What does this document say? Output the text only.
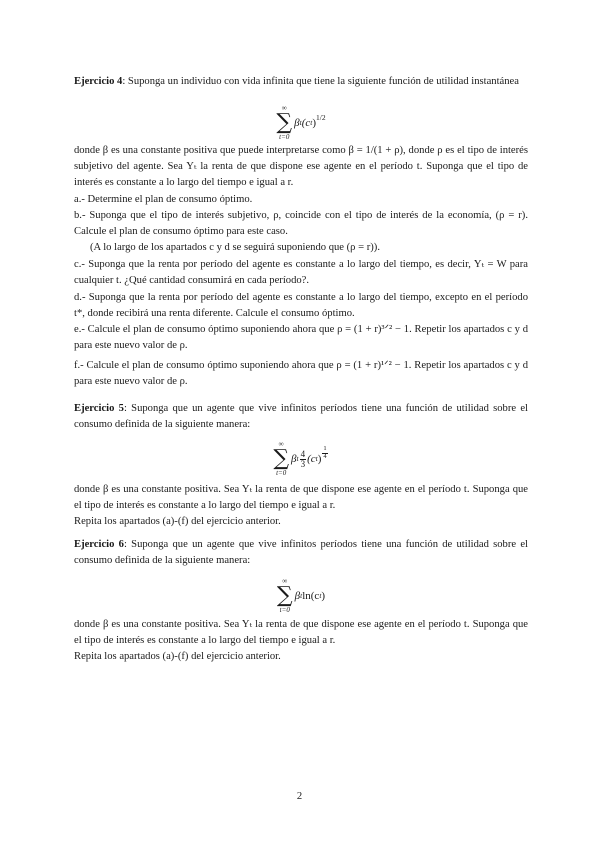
Ejercicio 4: Suponga un individuo con vida infinita que tiene la siguiente función de utilidad instantánea
∞
∑
t=0
β t (c t )$^{1/2}$
donde β es una constante positiva que puede interpretarse como β = 1/(1 + ρ), donde ρ es el tipo de interés subjetivo del agente. Sea Yₜ la renta de que dispone ese agente en el período t. Suponga que el tipo de interés es constante a lo largo del tiempo e igual a r.
a.- Determine el plan de consumo óptimo.
b.- Suponga que el tipo de interés subjetivo, ρ, coincide con el tipo de interés de la economía, (ρ = r). Calcule el plan de consumo óptimo para este caso.
(A lo largo de los apartados c y d se seguirá suponiendo que (ρ = r)).
c.- Suponga que la renta por período del agente es constante a lo largo del tiempo, es decir, Yₜ = W para cualquier t. ¿Qué cantidad consumirá en cada período?.
d.- Suponga que la renta por período del agente es constante a lo largo del tiempo, excepto en el período t*, donde recibirá una renta diferente. Calcule el consumo óptimo.
e.- Calcule el plan de consumo óptimo suponiendo ahora que ρ = (1 + r)³ᐟ² − 1. Repetir los apartados c y d para este nuevo valor de ρ.
f.- Calcule el plan de consumo óptimo suponiendo ahora que ρ = (1 + r)¹ᐟ² − 1. Repetir los apartados c y d para este nuevo valor de ρ.
Ejercicio 5: Suponga que un agente que vive infinitos períodos tiene una función de utilidad sobre el consumo definida de la siguiente manera:
∞
∑
t=0
β t $\frac{4}{3} (c$ t ) $\frac{1}{4}$
donde β es una constante positiva. Sea Yₜ la renta de que dispone ese agente en el período t. Suponga que el tipo de interés es constante a lo largo del tiempo e igual a r.
Repita los apartados (a)-(f) del ejercicio anterior.
Ejercicio 6: Suponga que un agente que vive infinitos períodos tiene una función de utilidad sobre el consumo definida de la siguiente manera:
∞
∑
t=0
β t ln(c t )
donde β es una constante positiva. Sea Yₜ la renta de que dispone ese agente en el período t. Suponga que el tipo de interés es constante a lo largo del tiempo e igual a r.
Repita los apartados (a)-(f) del ejercicio anterior.
2
